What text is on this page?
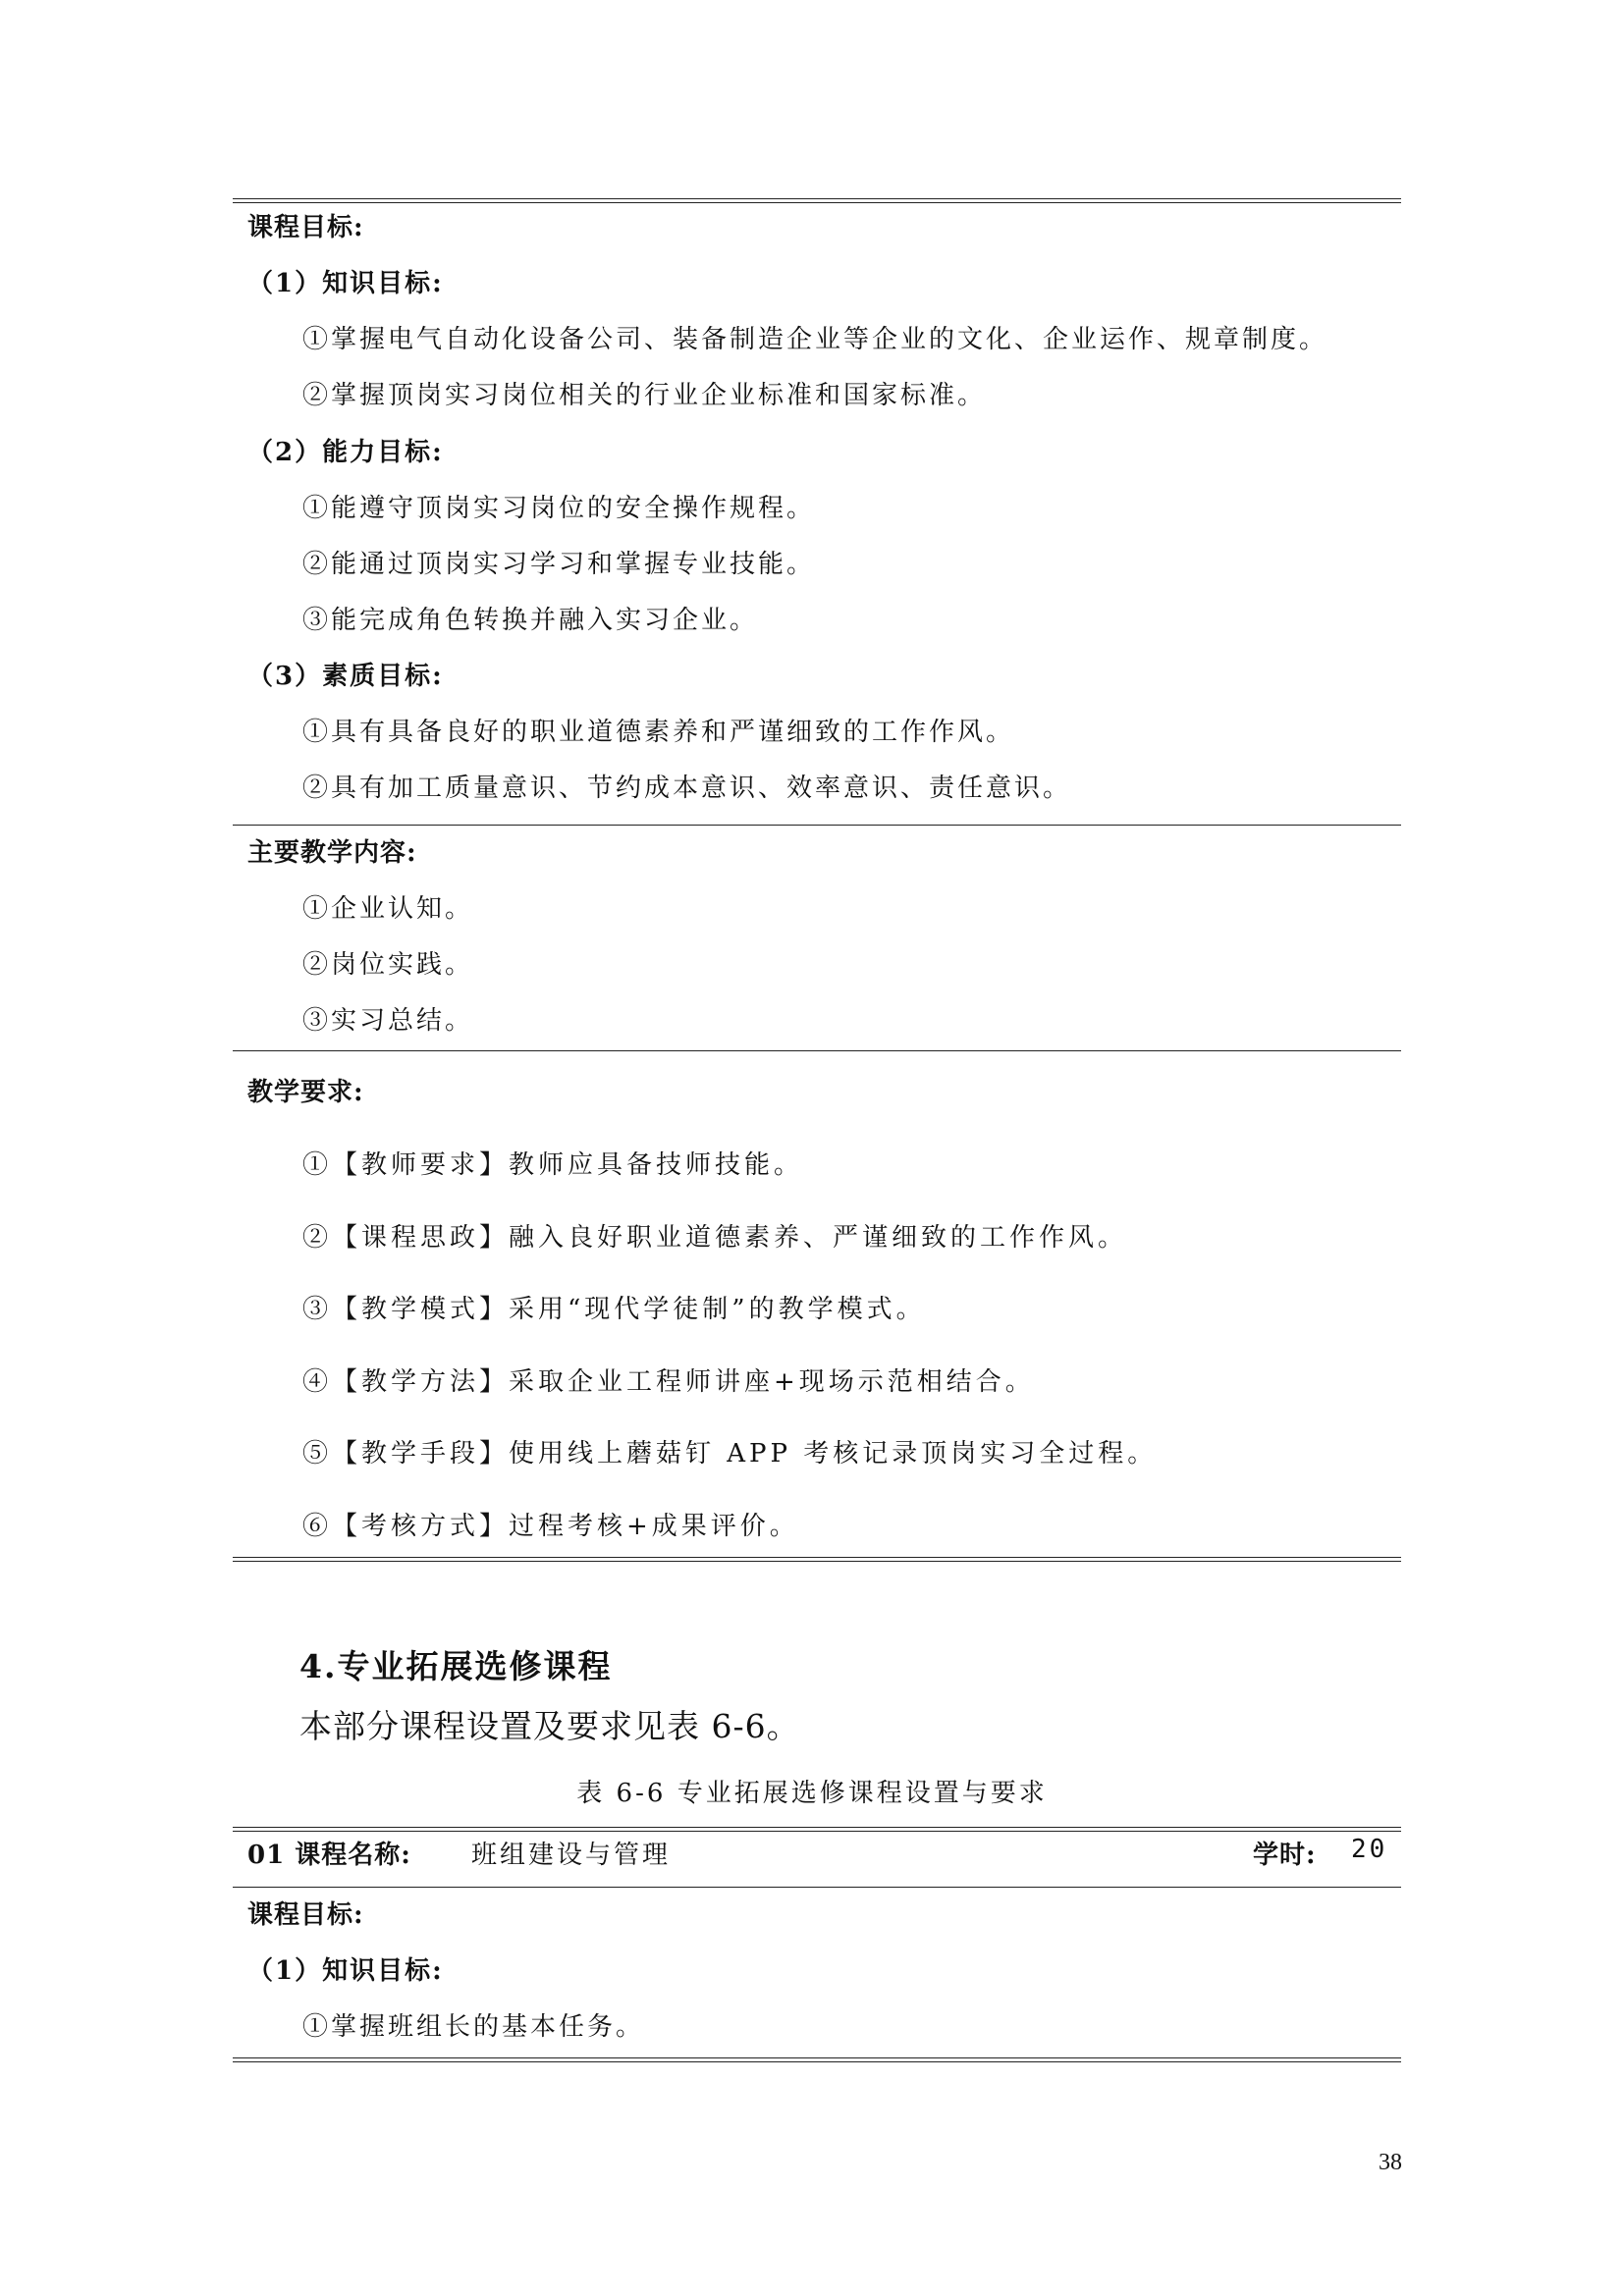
课程目标:
（1）知识目标:
①掌握电气自动化设备公司、装备制造企业等企业的文化、企业运作、规章制度。
②掌握顶岗实习岗位相关的行业企业标准和国家标准。
（2）能力目标:
①能遵守顶岗实习岗位的安全操作规程。
②能通过顶岗实习学习和掌握专业技能。
③能完成角色转换并融入实习企业。
（3）素质目标:
①具有具备良好的职业道德素养和严谨细致的工作作风。
②具有加工质量意识、节约成本意识、效率意识、责任意识。
主要教学内容:
①企业认知。
②岗位实践。
③实习总结。
教学要求:
①【教师要求】教师应具备技师技能。
②【课程思政】融入良好职业道德素养、严谨细致的工作作风。
③【教学模式】采用“现代学徒制”的教学模式。
④【教学方法】采取企业工程师讲座+现场示范相结合。
⑤【教学手段】使用线上蘑菇钉 APP 考核记录顶岗实习全过程。
⑥【考核方式】过程考核+成果评价。
4.专业拓展选修课程
本部分课程设置及要求见表 6-6。
表 6-6 专业拓展选修课程设置与要求
01 课程名称: 班组建设与管理	学时: 20
课程目标:
（1）知识目标:
①掌握班组长的基本任务。
38
